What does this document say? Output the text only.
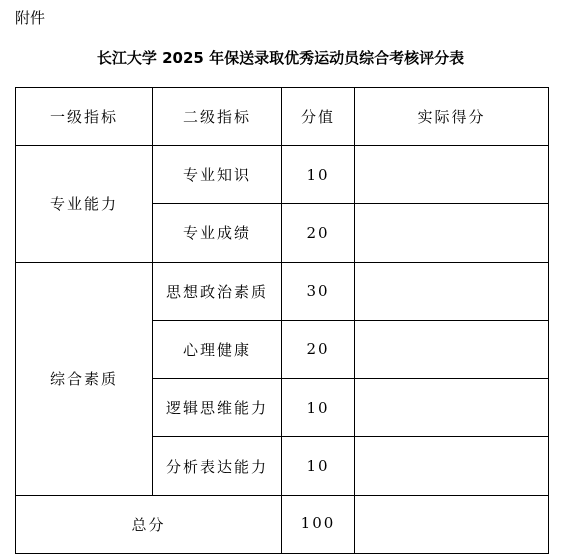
附件
长江大学 2025 年保送录取优秀运动员综合考核评分表
一级指标	二级指标	分值	实际得分
专业能力	专业知识	10	
	专业成绩	20	
综合素质	思想政治素质	30	
	心理健康	20	
	逻辑思维能力	10	
	分析表达能力	10	
总分		100	
